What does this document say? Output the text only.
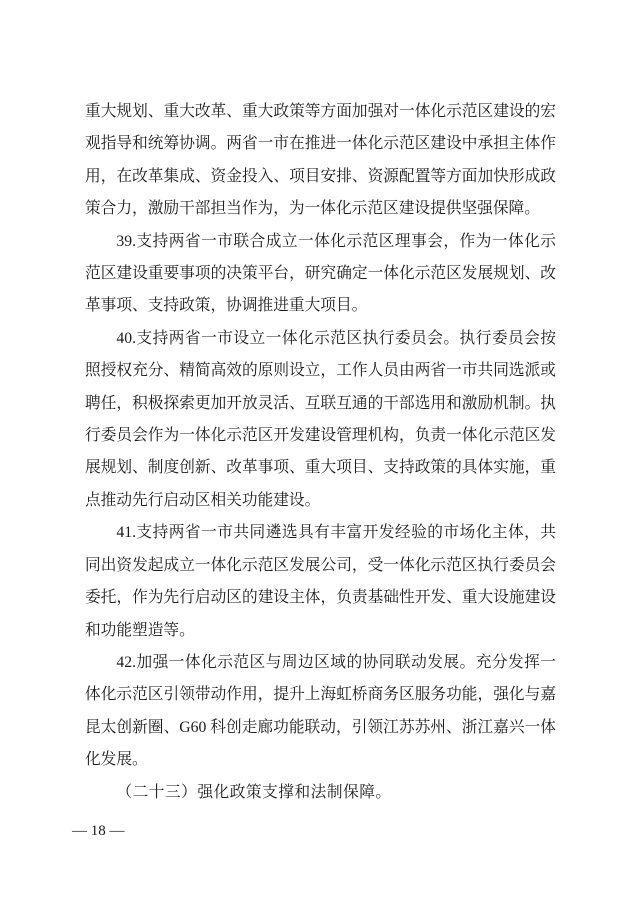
重大规划、重大改革、重大政策等方面加强对一体化示范区建设的宏观指导和统筹协调。两省一市在推进一体化示范区建设中承担主体作用，在改革集成、资金投入、项目安排、资源配置等方面加快形成政策合力，激励干部担当作为，为一体化示范区建设提供坚强保障。

39.支持两省一市联合成立一体化示范区理事会，作为一体化示范区建设重要事项的决策平台，研究确定一体化示范区发展规划、改革事项、支持政策，协调推进重大项目。

40.支持两省一市设立一体化示范区执行委员会。执行委员会按照授权充分、精简高效的原则设立，工作人员由两省一市共同选派或聘任，积极探索更加开放灵活、互联互通的干部选用和激励机制。执行委员会作为一体化示范区开发建设管理机构，负责一体化示范区发展规划、制度创新、改革事项、重大项目、支持政策的具体实施，重点推动先行启动区相关功能建设。

41.支持两省一市共同遴选具有丰富开发经验的市场化主体，共同出资发起成立一体化示范区发展公司，受一体化示范区执行委员会委托，作为先行启动区的建设主体，负责基础性开发、重大设施建设和功能塑造等。

42.加强一体化示范区与周边区域的协同联动发展。充分发挥一体化示范区引领带动作用，提升上海虹桥商务区服务功能，强化与嘉昆太创新圈、G60 科创走廊功能联动，引领江苏苏州、浙江嘉兴一体化发展。

（二十三）强化政策支撑和法制保障。

— 18 —
